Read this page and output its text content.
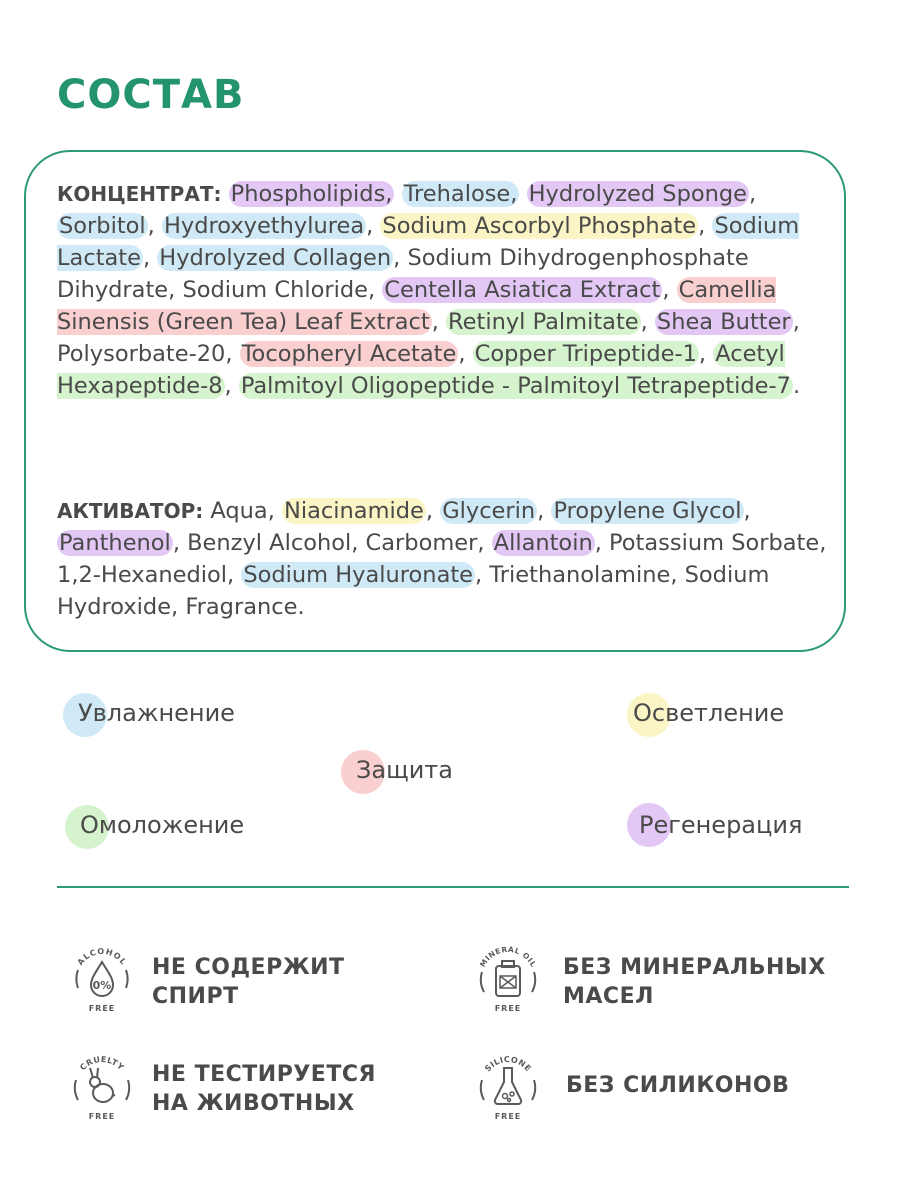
СОСТАВ
КОНЦЕНТРАТ: Phospholipids, Trehalose, Hydrolyzed Sponge, Sorbitol, Hydroxyethylurea, Sodium Ascorbyl Phosphate, Sodium Lactate, Hydrolyzed Collagen, Sodium Dihydrogenphosphate Dihydrate, Sodium Chloride, Centella Asiatica Extract, Camellia Sinensis (Green Tea) Leaf Extract, Retinyl Palmitate, Shea Butter, Polysorbate-20, Tocopheryl Acetate, Copper Tripeptide-1, Acetyl Hexapeptide-8, Palmitoyl Oligopeptide - Palmitoyl Tetrapeptide-7.
АКТИВАТОР: Aqua, Niacinamide, Glycerin, Propylene Glycol, Panthenol, Benzyl Alcohol, Carbomer, Allantoin, Potassium Sorbate, 1,2-Hexanediol, Sodium Hyaluronate, Triethanolamine, Sodium Hydroxide, Fragrance.
Увлажнение	Осветление
Защита
Омоложение	Регенерация
ALCOHOL
0%
FREE
НЕ СОДЕРЖИТ
СПИРТ
MINERAL OIL
FREE
БЕЗ МИНЕРАЛЬНЫХ
МАСЕЛ
CRUELTY
FREE
НЕ ТЕСТИРУЕТСЯ
НА ЖИВОТНЫХ
SILICONE
FREE
БЕЗ СИЛИКОНОВ
